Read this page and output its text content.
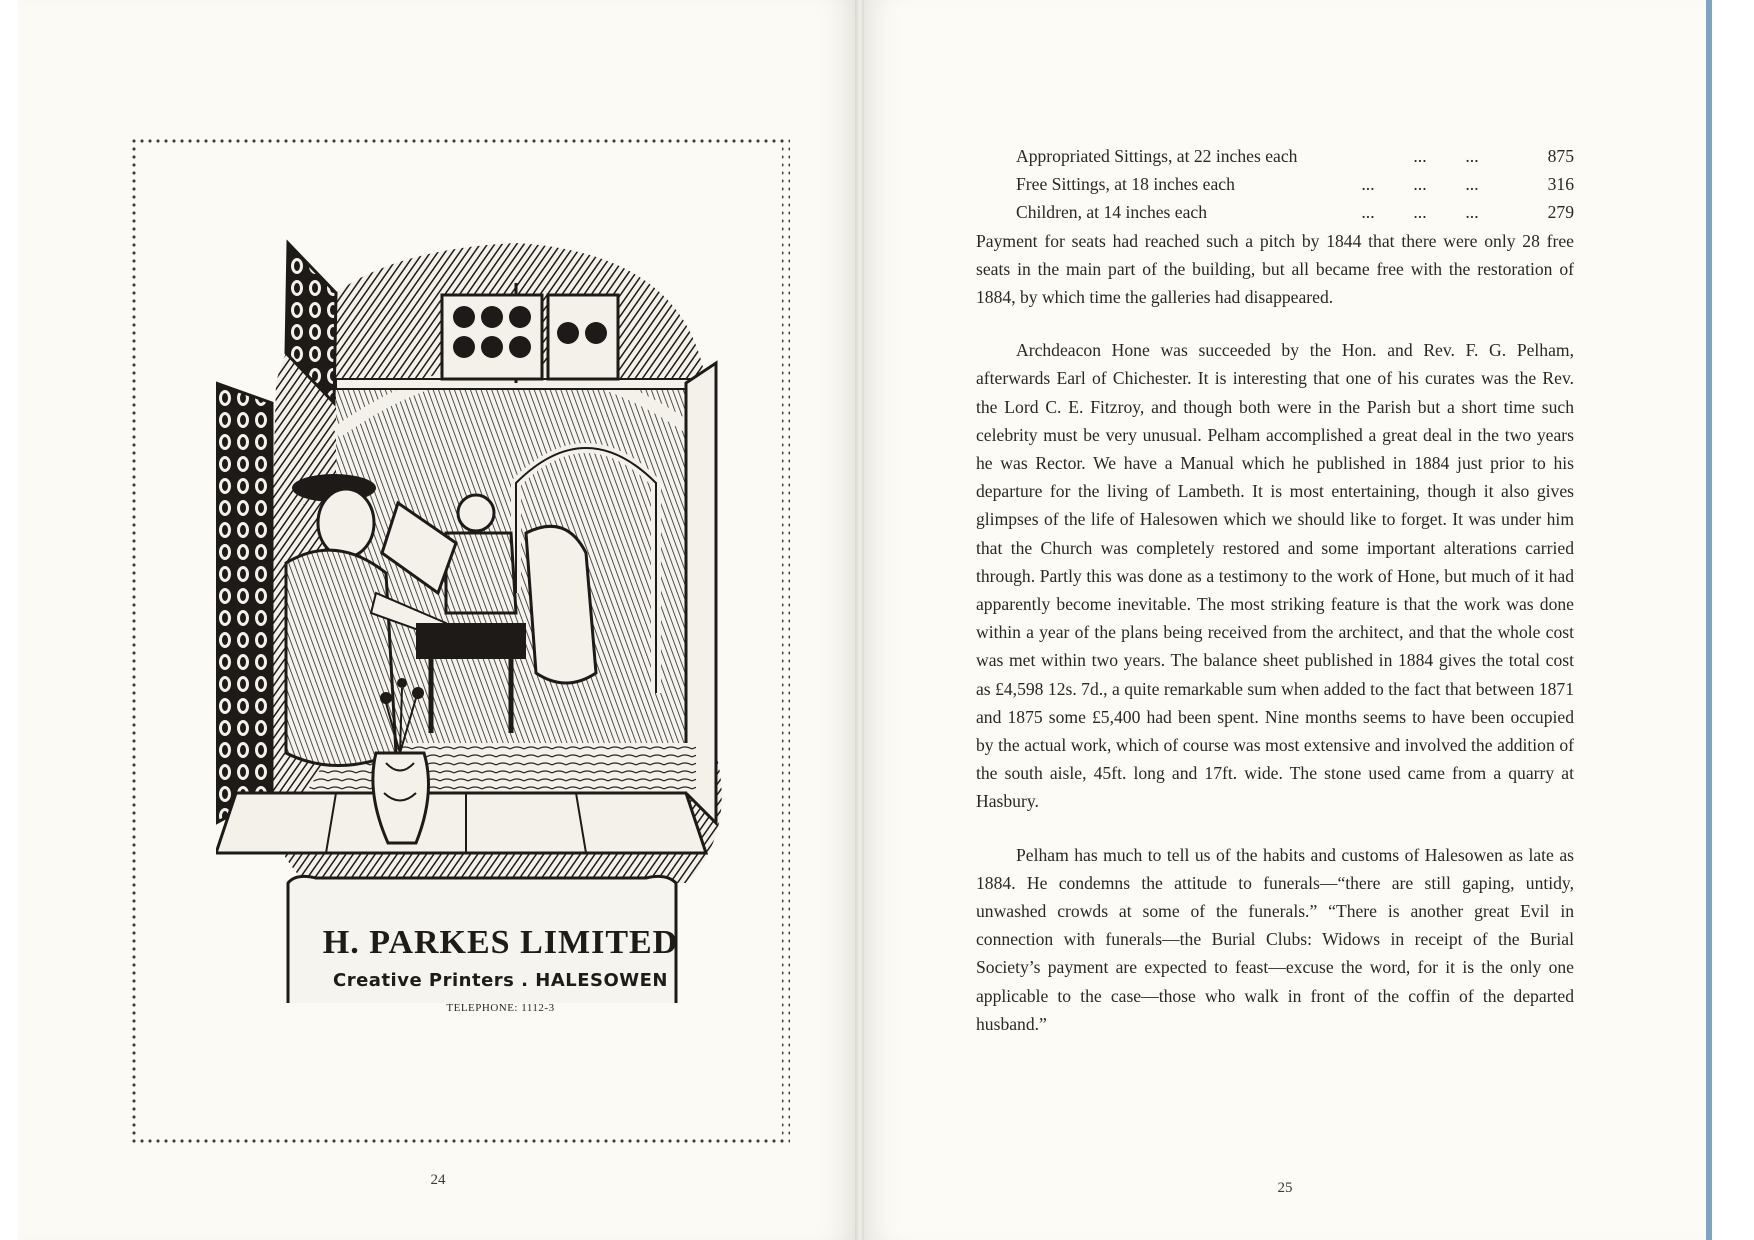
H. PARKES LIMITED
Creative Printers . HALESOWEN
TELEPHONE: 1112-3
24
Appropriated Sittings, at 22 inches each	...	...	875
Free Sittings, at 18 inches each	...	...	...	316
Children, at 14 inches each	...	...	...	279

Payment for seats had reached such a pitch by 1844 that there were only 28 free seats in the main part of the building, but all became free with the restoration of 1884, by which time the galleries had disappeared.

Archdeacon Hone was succeeded by the Hon. and Rev. F. G. Pelham, afterwards Earl of Chichester. It is interesting that one of his curates was the Rev. the Lord C. E. Fitzroy, and though both were in the Parish but a short time such celebrity must be very unusual. Pelham accomplished a great deal in the two years he was Rector. We have a Manual which he published in 1884 just prior to his departure for the living of Lambeth. It is most entertaining, though it also gives glimpses of the life of Halesowen which we should like to forget. It was under him that the Church was completely restored and some important alterations carried through. Partly this was done as a testimony to the work of Hone, but much of it had apparently become inevitable. The most striking feature is that the work was done within a year of the plans being received from the architect, and that the whole cost was met within two years. The balance sheet published in 1884 gives the total cost as £4,598 12s. 7d., a quite remarkable sum when added to the fact that between 1871 and 1875 some £5,400 had been spent. Nine months seems to have been occupied by the actual work, which of course was most extensive and involved the addition of the south aisle, 45ft. long and 17ft. wide. The stone used came from a quarry at Hasbury.

Pelham has much to tell us of the habits and customs of Halesowen as late as 1884. He condemns the attitude to funerals—“there are still gaping, untidy, unwashed crowds at some of the funerals.” “There is another great Evil in connection with funerals—the Burial Clubs: Widows in receipt of the Burial Society’s payment are expected to feast—excuse the word, for it is the only one applicable to the case—those who walk in front of the coffin of the departed husband.”

25
